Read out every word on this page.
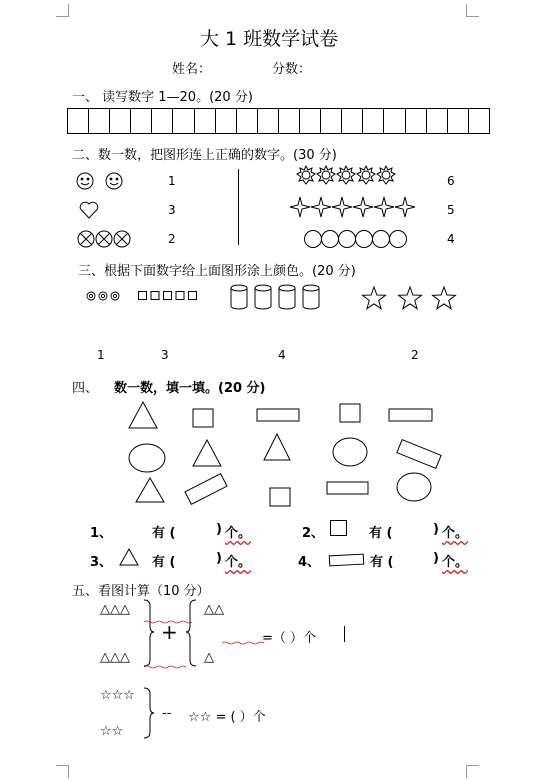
大 1 班数学试卷
姓名：	分数：
一、 读写数字 1—20。(20 分)
二、数一数，把图形连上正确的数字。(30 分)
1
3
2
6
5
4
三、根据下面数字给上面图形涂上颜色。(20 分)
1	3	4	2
四、 数一数，填一填。(20 分)
1、	有 (	) 个。	2、	有 (	) 个。
3、	有 (	) 个。	4、	有 (	) 个。
五、看图计算（10 分）
△△△
△△△
+
△△
△
=（ ）个
☆☆☆
☆☆
-- ☆☆ = ( ）个
